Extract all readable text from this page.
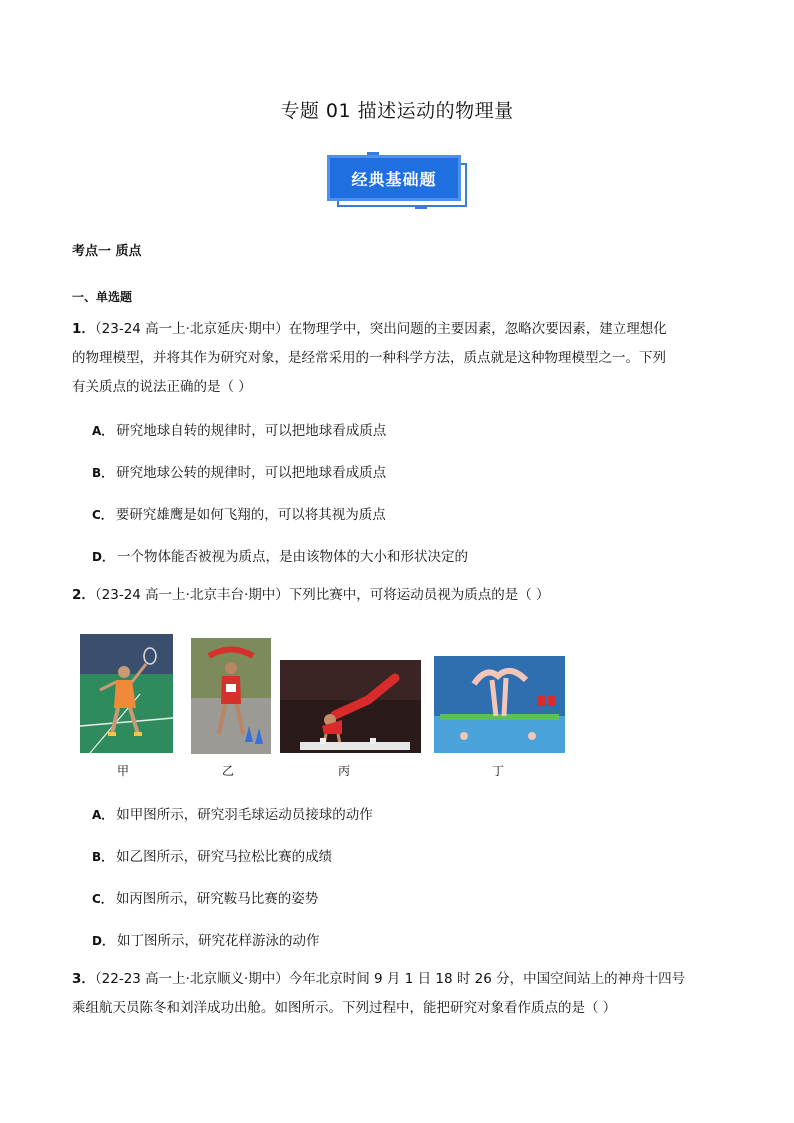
专题 01 描述运动的物理量
经典基础题
考点一 质点
一、单选题
1．（23-24 高一上·北京延庆·期中）在物理学中，突出问题的主要因素，忽略次要因素，建立理想化
的物理模型，并将其作为研究对象，是经常采用的一种科学方法，质点就是这种物理模型之一。下列
有关质点的说法正确的是（ ）
A． 研究地球自转的规律时，可以把地球看成质点
B． 研究地球公转的规律时，可以把地球看成质点
C． 要研究雄鹰是如何飞翔的，可以将其视为质点
D． 一个物体能否被视为质点，是由该物体的大小和形状决定的
2．（23-24 高一上·北京丰台·期中）下列比赛中，可将运动员视为质点的是（ ）
甲	乙	丙	丁
A． 如甲图所示，研究羽毛球运动员接球的动作
B． 如乙图所示，研究马拉松比赛的成绩
C． 如丙图所示，研究鞍马比赛的姿势
D． 如丁图所示，研究花样游泳的动作
3．（22-23 高一上·北京顺义·期中）今年北京时间 9 月 1 日 18 时 26 分，中国空间站上的神舟十四号
乘组航天员陈冬和刘洋成功出舱。如图所示。下列过程中，能把研究对象看作质点的是（ ）
